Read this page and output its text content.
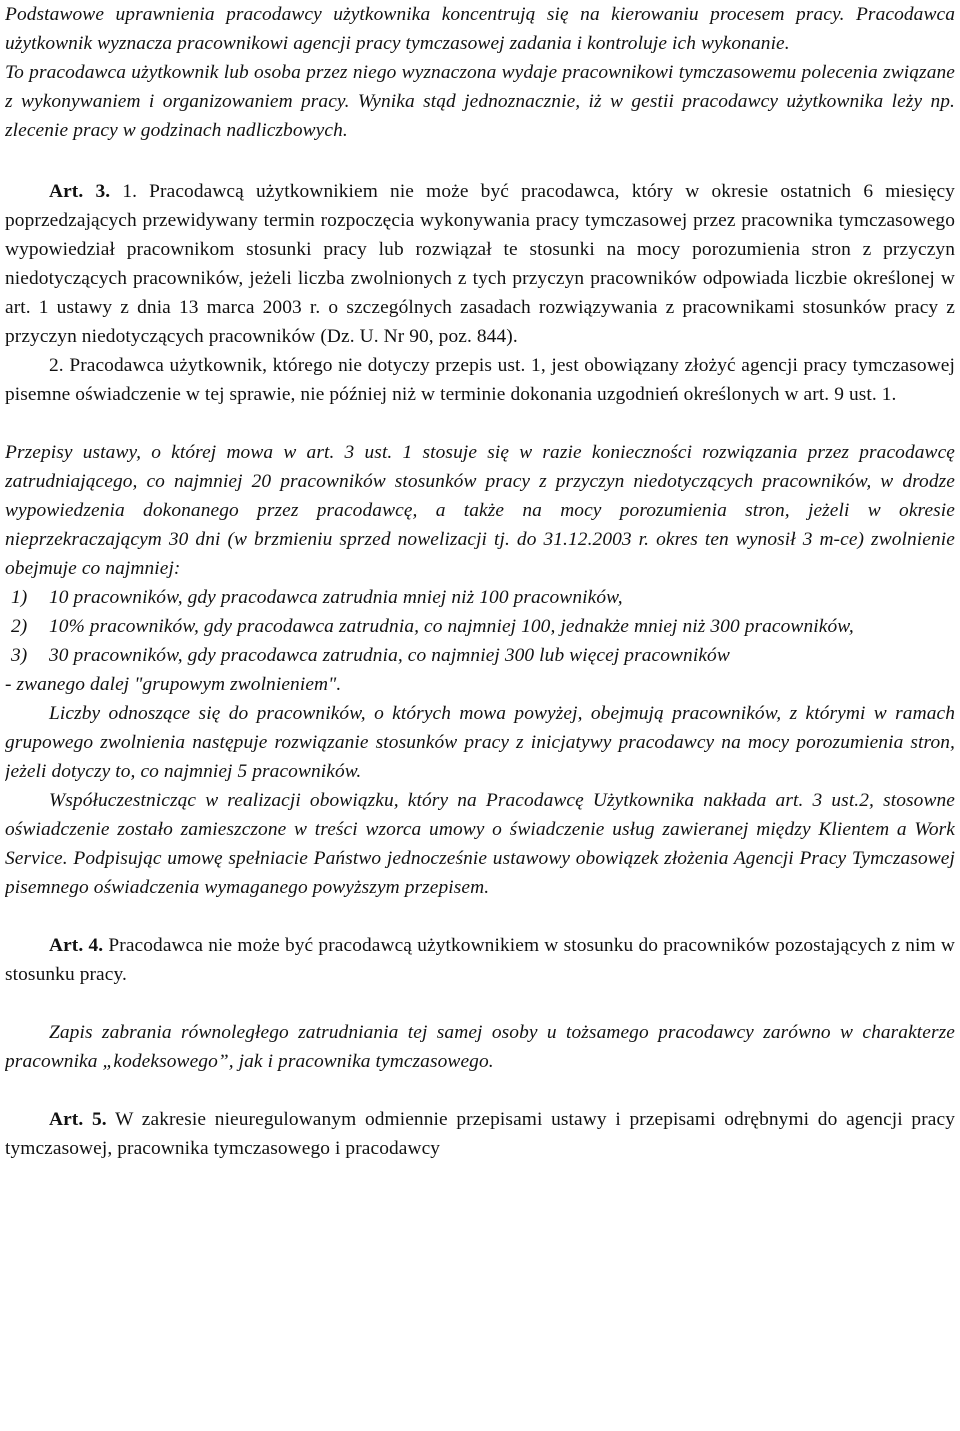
Podstawowe uprawnienia pracodawcy użytkownika koncentrują się na kierowaniu procesem pracy. Pracodawca użytkownik wyznacza pracownikowi agencji pracy tymczasowej zadania i kontroluje ich wykonanie.

To pracodawca użytkownik lub osoba przez niego wyznaczona wydaje pracownikowi tymczasowemu polecenia związane z wykonywaniem i organizowaniem pracy. Wynika stąd jednoznacznie, iż w gestii pracodawcy użytkownika leży np. zlecenie pracy w godzinach nadliczbowych.

Art. 3. 1. Pracodawcą użytkownikiem nie może być pracodawca, który w okresie ostatnich 6 miesięcy poprzedzających przewidywany termin rozpoczęcia wykonywania pracy tymczasowej przez pracownika tymczasowego wypowiedział pracownikom stosunki pracy lub rozwiązał te stosunki na mocy porozumienia stron z przyczyn niedotyczących pracowników, jeżeli liczba zwolnionych z tych przyczyn pracowników odpowiada liczbie określonej w art. 1 ustawy z dnia 13 marca 2003 r. o szczególnych zasadach rozwiązywania z pracownikami stosunków pracy z przyczyn niedotyczących pracowników (Dz. U. Nr 90, poz. 844).

2. Pracodawca użytkownik, którego nie dotyczy przepis ust. 1, jest obowiązany złożyć agencji pracy tymczasowej pisemne oświadczenie w tej sprawie, nie później niż w terminie dokonania uzgodnień określonych w art. 9 ust. 1.

Przepisy ustawy, o której mowa w art. 3 ust. 1 stosuje się w razie konieczności rozwiązania przez pracodawcę zatrudniającego, co najmniej 20 pracowników stosunków pracy z przyczyn niedotyczących pracowników, w drodze wypowiedzenia dokonanego przez pracodawcę, a także na mocy porozumienia stron, jeżeli w okresie nieprzekraczającym 30 dni (w brzmieniu sprzed nowelizacji tj. do 31.12.2003 r. okres ten wynosił 3 m-ce) zwolnienie obejmuje co najmniej:

1)	10 pracowników, gdy pracodawca zatrudnia mniej niż 100 pracowników,
2)	10% pracowników, gdy pracodawca zatrudnia, co najmniej 100, jednakże mniej niż 300 pracowników,
3)	30 pracowników, gdy pracodawca zatrudnia, co najmniej 300 lub więcej pracowników

- zwanego dalej "grupowym zwolnieniem".

Liczby odnoszące się do pracowników, o których mowa powyżej, obejmują pracowników, z którymi w ramach grupowego zwolnienia następuje rozwiązanie stosunków pracy z inicjatywy pracodawcy na mocy porozumienia stron, jeżeli dotyczy to, co najmniej 5 pracowników.

Współuczestnicząc w realizacji obowiązku, który na Pracodawcę Użytkownika nakłada art. 3 ust.2, stosowne oświadczenie zostało zamieszczone w treści wzorca umowy o świadczenie usług zawieranej między Klientem a Work Service. Podpisując umowę spełniacie Państwo jednocześnie ustawowy obowiązek złożenia Agencji Pracy Tymczasowej pisemnego oświadczenia wymaganego powyższym przepisem.

Art. 4. Pracodawca nie może być pracodawcą użytkownikiem w stosunku do pracowników pozostających z nim w stosunku pracy.

Zapis zabrania równoległego zatrudniania tej samej osoby u tożsamego pracodawcy zarówno w charakterze pracownika „kodeksowego”, jak i pracownika tymczasowego.

Art. 5. W zakresie nieuregulowanym odmiennie przepisami ustawy i przepisami odrębnymi do agencji pracy tymczasowej, pracownika tymczasowego i pracodawcy
